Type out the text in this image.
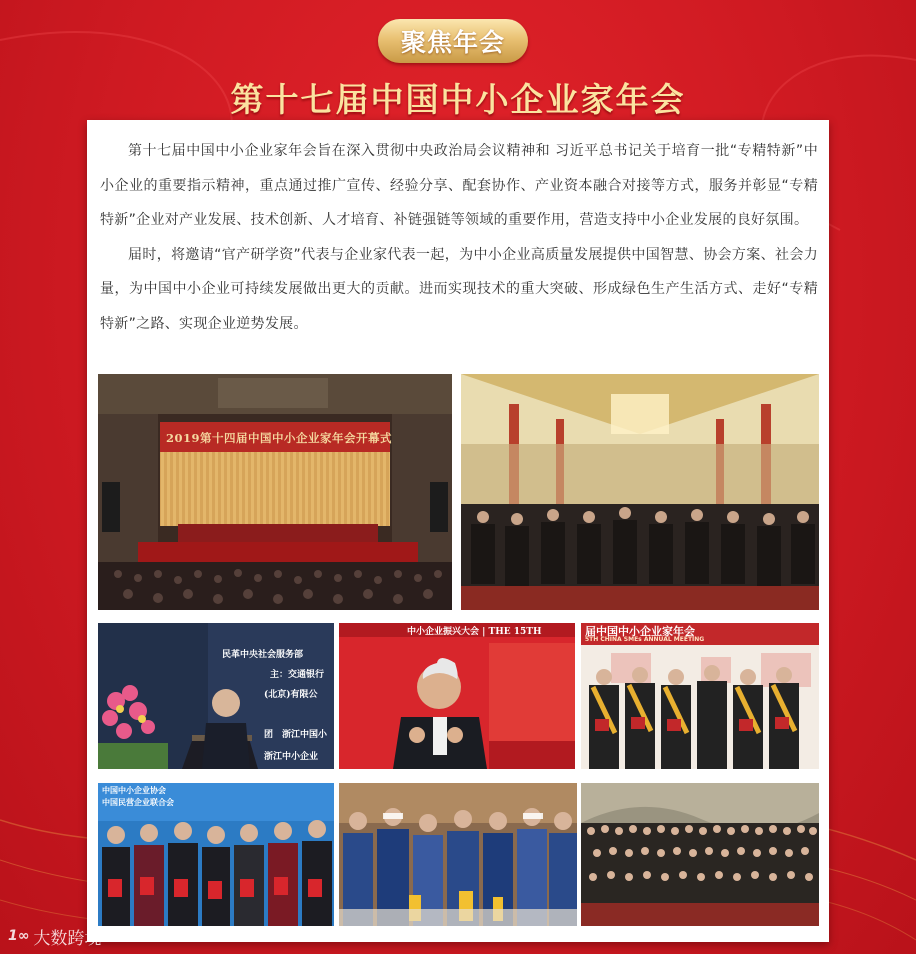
聚焦年会
第十七届中国中小企业家年会

第十七届中国中小企业家年会旨在深入贯彻中央政治局会议精神和 习近平总书记关于培育一批“专精特新”中小企业的重要指示精神，重点通过推广宣传、经验分享、配套协作、产业资本融合对接等方式，服务并彰显“专精特新”企业对产业发展、技术创新、人才培育、补链强链等领域的重要作用，营造支持中小企业发展的良好氛围。

届时，将邀请“官产研学资”代表与企业家代表一起，为中小企业高质量发展提供中国智慧、协会方案、社会力量，为中国中小企业可持续发展做出更大的贡献。进而实现技术的重大突破、形成绿色生产生活方式、走好“专精特新”之路、实现企业逆势发展。

2019第十四届中国中小企业家年会开幕式
民革中央社会服务部
主：交通银行
(北京)有限公
团　浙江中国小
浙江中小企业
中小企业振兴大会 | THE 15TH	届中国中小企业家年会
5TH CHINA SMEs ANNUAL MEETING
中国中小企业协会
中国民营企业联合会
1∞ 大数跨境
